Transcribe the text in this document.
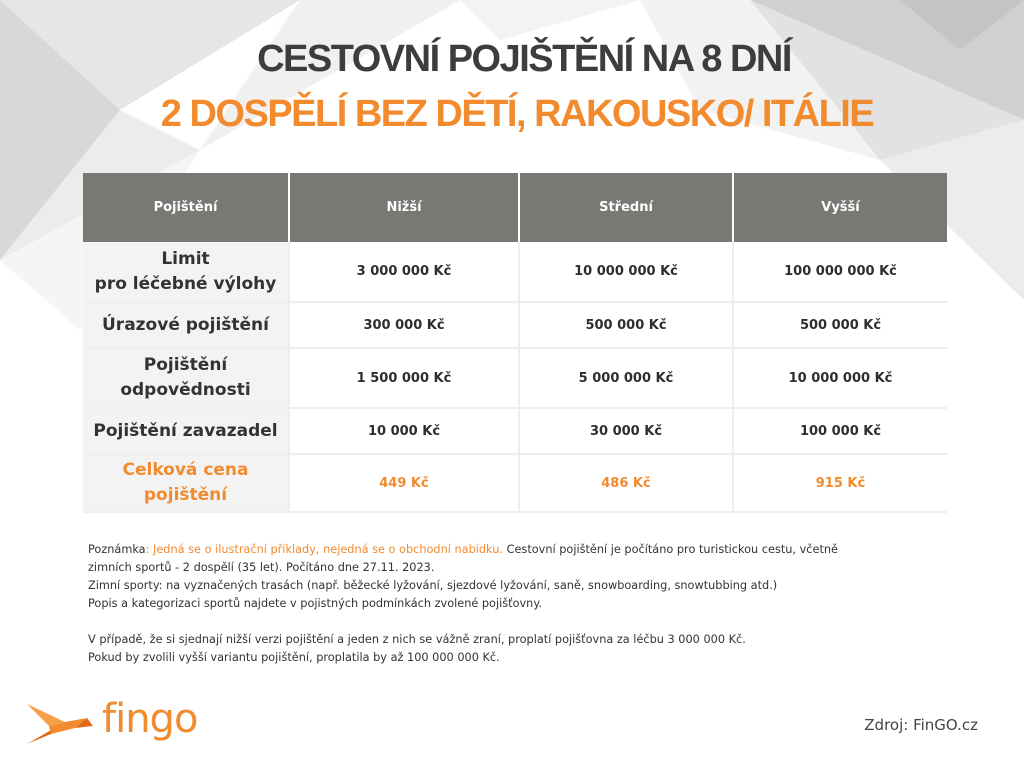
CESTOVNÍ POJIŠTĚNÍ NA 8 DNÍ
2 DOSPĚLÍ BEZ DĚTÍ, RAKOUSKO/ ITÁLIE
Pojištění	Nižší	Střední	Vyšší
Limit
pro léčebné výlohy	3 000 000 Kč	10 000 000 Kč	100 000 000 Kč
Úrazové pojištění	300 000 Kč	500 000 Kč	500 000 Kč
Pojištění
odpovědnosti	1 500 000 Kč	5 000 000 Kč	10 000 000 Kč
Pojištění zavazadel	10 000 Kč	30 000 Kč	100 000 Kč
Celková cena
pojištění	449 Kč	486 Kč	915 Kč

Poznámka: Jedná se o ilustrační příklady, nejedná se o obchodní nabídku. Cestovní pojištění je počítáno pro turistickou cestu, včetně

zimních sportů - 2 dospělí (35 let). Počítáno dne 27.11. 2023.

Zimní sporty: na vyznačených trasách (např. běžecké lyžování, sjezdové lyžování, saně, snowboarding, snowtubbing atd.)

Popis a kategorizaci sportů najdete v pojistných podmínkách zvolené pojišťovny.

V případě, že si sjednají nižší verzi pojištění a jeden z nich se vážně zraní, proplatí pojišťovna za léčbu 3 000 000 Kč.

Pokud by zvolili vyšší variantu pojištění, proplatila by až 100 000 000 Kč.

fingo	Zdroj: FinGO.cz
